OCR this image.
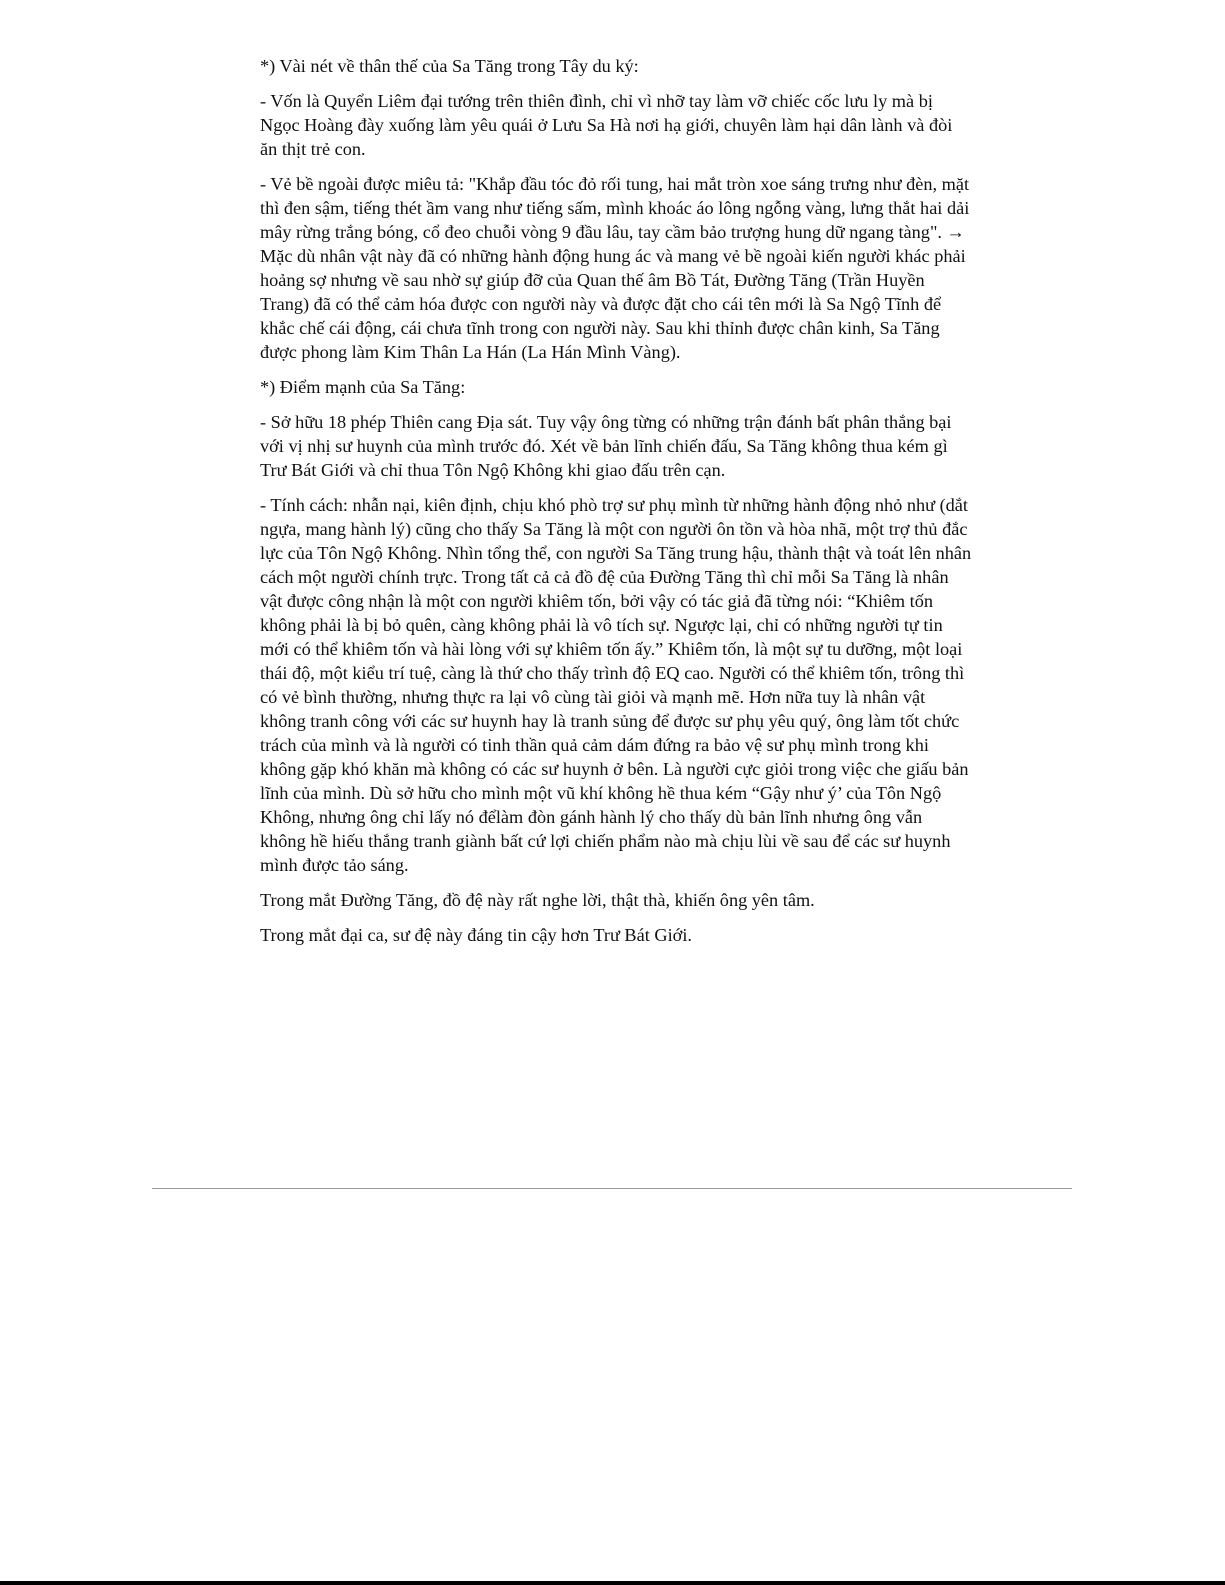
*) Vài nét về thân thế của Sa Tăng trong Tây du ký:

- Vốn là Quyển Liêm đại tướng trên thiên đình, chỉ vì nhỡ tay làm vỡ chiếc cốc lưu ly mà bị Ngọc Hoàng đày xuống làm yêu quái ở Lưu Sa Hà nơi hạ giới, chuyên làm hại dân lành và đòi ăn thịt trẻ con.

- Vẻ bề ngoài được miêu tả: "Khắp đầu tóc đỏ rối tung, hai mắt tròn xoe sáng trưng như đèn, mặt thì đen sậm, tiếng thét ầm vang như tiếng sấm, mình khoác áo lông ngỗng vàng, lưng thắt hai dải mây rừng trắng bóng, cổ đeo chuỗi vòng 9 đầu lâu, tay cầm bảo trượng hung dữ ngang tàng". → Mặc dù nhân vật này đã có những hành động hung ác và mang vẻ bề ngoài kiến người khác phải hoảng sợ nhưng về sau nhờ sự giúp đỡ của Quan thế âm Bồ Tát, Đường Tăng (Trần Huyền Trang) đã có thể cảm hóa được con người này và được đặt cho cái tên mới là Sa Ngộ Tĩnh để khắc chế cái động, cái chưa tĩnh trong con người này. Sau khi thỉnh được chân kinh, Sa Tăng được phong làm Kim Thân La Hán (La Hán Mình Vàng).

*) Điểm mạnh của Sa Tăng:

- Sở hữu 18 phép Thiên cang Địa sát. Tuy vậy ông từng có những trận đánh bất phân thắng bại với vị nhị sư huynh của mình trước đó. Xét về bản lĩnh chiến đấu, Sa Tăng không thua kém gì Trư Bát Giới và chỉ thua Tôn Ngộ Không khi giao đấu trên cạn.

- Tính cách: nhẫn nại, kiên định, chịu khó phò trợ sư phụ mình từ những hành động nhỏ như (dắt ngựa, mang hành lý) cũng cho thấy Sa Tăng là một con người ôn tồn và hòa nhã, một trợ thủ đắc lực của Tôn Ngộ Không. Nhìn tổng thể, con người Sa Tăng trung hậu, thành thật và toát lên nhân cách một người chính trực. Trong tất cả cả đồ đệ của Đường Tăng thì chỉ mỗi Sa Tăng là nhân vật được công nhận là một con người khiêm tốn, bởi vậy có tác giả đã từng nói: “Khiêm tốn không phải là bị bỏ quên, càng không phải là vô tích sự. Ngược lại, chỉ có những người tự tin mới có thể khiêm tốn và hài lòng với sự khiêm tốn ấy.” Khiêm tốn, là một sự tu dưỡng, một loại thái độ, một kiểu trí tuệ, càng là thứ cho thấy trình độ EQ cao. Người có thể khiêm tốn, trông thì có vẻ bình thường, nhưng thực ra lại vô cùng tài giỏi và mạnh mẽ. Hơn nữa tuy là nhân vật không tranh công với các sư huynh hay là tranh sủng để được sư phụ yêu quý, ông làm tốt chức trách của mình và là người có tinh thần quả cảm dám đứng ra bảo vệ sư phụ mình trong khi không gặp khó khăn mà không có các sư huynh ở bên. Là người cực giỏi trong việc che giấu bản lĩnh của mình. Dù sở hữu cho mình một vũ khí không hề thua kém “Gậy như ý’ của Tôn Ngộ Không, nhưng ông chỉ lấy nó đểlàm đòn gánh hành lý cho thấy dù bản lĩnh nhưng ông vẫn không hề hiếu thắng tranh giành bất cứ lợi chiến phẩm nào mà chịu lùi về sau để các sư huynh mình được tảo sáng.

Trong mắt Đường Tăng, đồ đệ này rất nghe lời, thật thà, khiến ông yên tâm.

Trong mắt đại ca, sư đệ này đáng tin cậy hơn Trư Bát Giới.
